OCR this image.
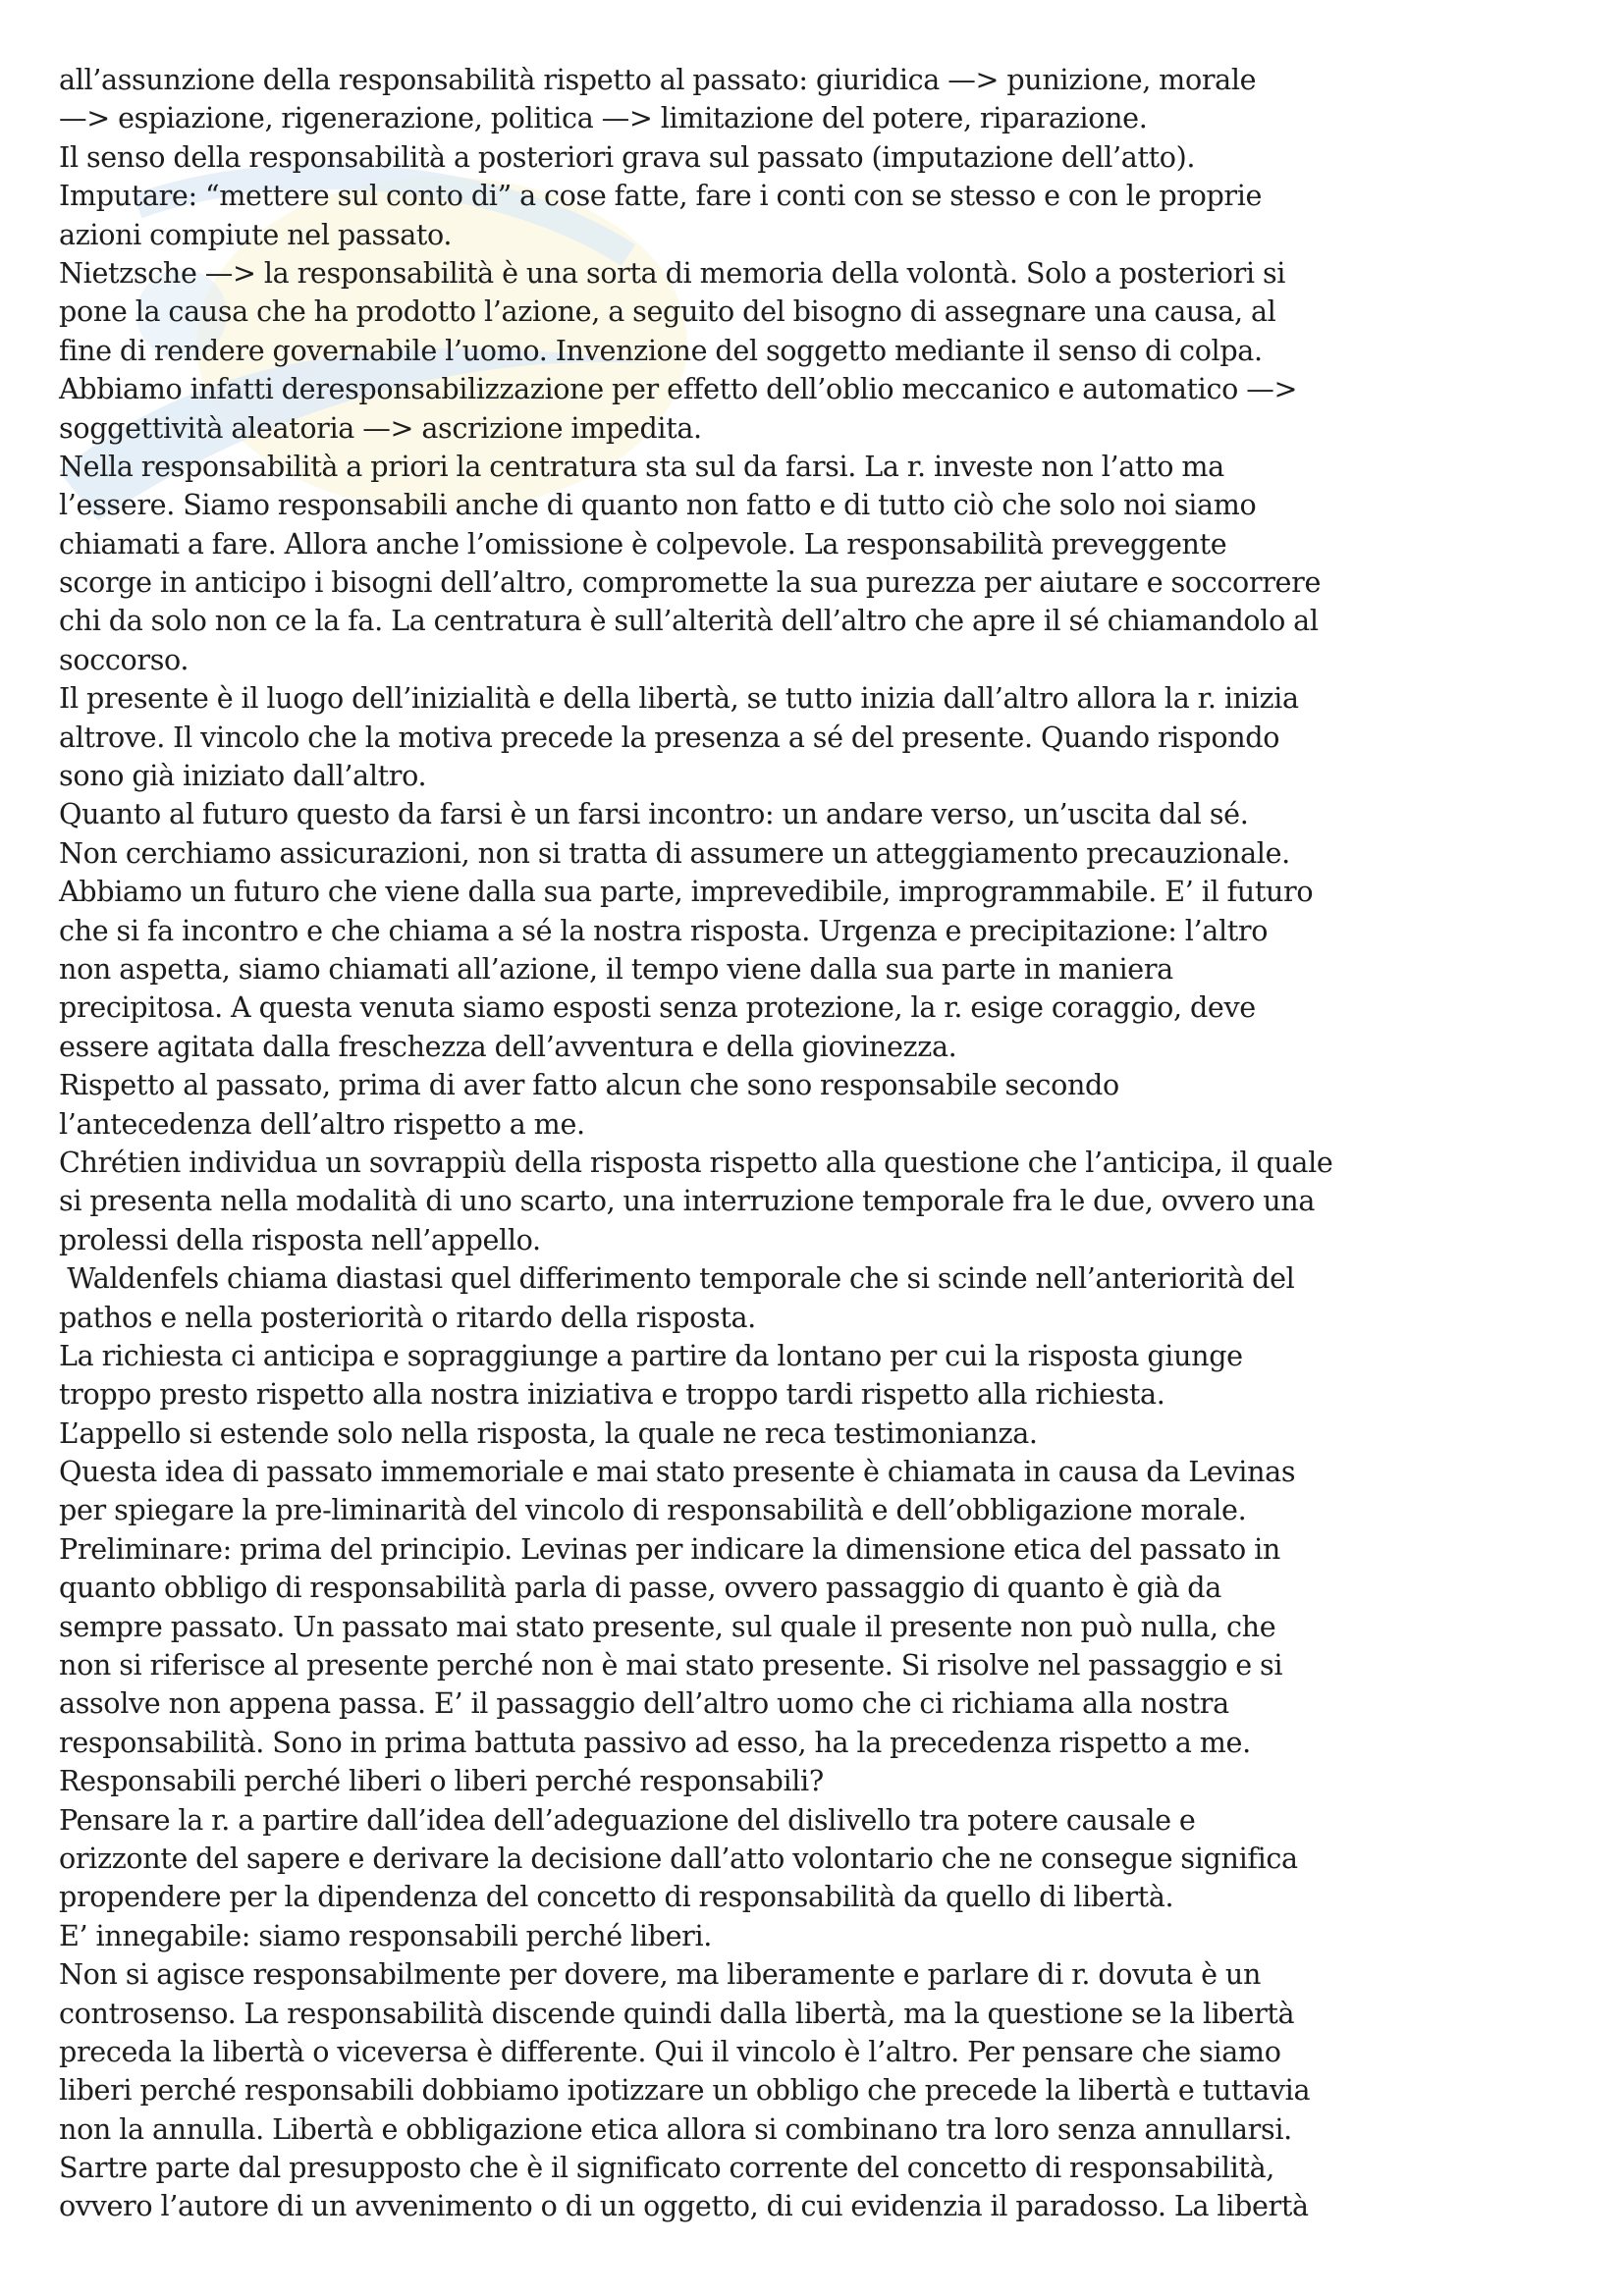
all’assunzione della responsabilità rispetto al passato: giuridica —> punizione, morale
—> espiazione, rigenerazione, politica —> limitazione del potere, riparazione.
Il senso della responsabilità a posteriori grava sul passato (imputazione dell’atto).
Imputare: “mettere sul conto di” a cose fatte, fare i conti con se stesso e con le proprie
azioni compiute nel passato.
Nietzsche —> la responsabilità è una sorta di memoria della volontà. Solo a posteriori si
pone la causa che ha prodotto l’azione, a seguito del bisogno di assegnare una causa, al
fine di rendere governabile l’uomo. Invenzione del soggetto mediante il senso di colpa.
Abbiamo infatti deresponsabilizzazione per effetto dell’oblio meccanico e automatico —>
soggettività aleatoria —> ascrizione impedita.
Nella responsabilità a priori la centratura sta sul da farsi. La r. investe non l’atto ma
l’essere. Siamo responsabili anche di quanto non fatto e di tutto ciò che solo noi siamo
chiamati a fare. Allora anche l’omissione è colpevole. La responsabilità preveggente
scorge in anticipo i bisogni dell’altro, compromette la sua purezza per aiutare e soccorrere
chi da solo non ce la fa. La centratura è sull’alterità dell’altro che apre il sé chiamandolo al
soccorso.
Il presente è il luogo dell’inizialità e della libertà, se tutto inizia dall’altro allora la r. inizia
altrove. Il vincolo che la motiva precede la presenza a sé del presente. Quando rispondo
sono già iniziato dall’altro.
Quanto al futuro questo da farsi è un farsi incontro: un andare verso, un’uscita dal sé.
Non cerchiamo assicurazioni, non si tratta di assumere un atteggiamento precauzionale.
Abbiamo un futuro che viene dalla sua parte, imprevedibile, improgrammabile. E’ il futuro
che si fa incontro e che chiama a sé la nostra risposta. Urgenza e precipitazione: l’altro
non aspetta, siamo chiamati all’azione, il tempo viene dalla sua parte in maniera
precipitosa. A questa venuta siamo esposti senza protezione, la r. esige coraggio, deve
essere agitata dalla freschezza dell’avventura e della giovinezza.
Rispetto al passato, prima di aver fatto alcun che sono responsabile secondo
l’antecedenza dell’altro rispetto a me.
Chrétien individua un sovrappiù della risposta rispetto alla questione che l’anticipa, il quale
si presenta nella modalità di uno scarto, una interruzione temporale fra le due, ovvero una
prolessi della risposta nell’appello.
Waldenfels chiama diastasi quel differimento temporale che si scinde nell’anteriorità del
pathos e nella posteriorità o ritardo della risposta.
La richiesta ci anticipa e sopraggiunge a partire da lontano per cui la risposta giunge
troppo presto rispetto alla nostra iniziativa e troppo tardi rispetto alla richiesta.
L’appello si estende solo nella risposta, la quale ne reca testimonianza.
Questa idea di passato immemoriale e mai stato presente è chiamata in causa da Levinas
per spiegare la pre-liminarità del vincolo di responsabilità e dell’obbligazione morale.
Preliminare: prima del principio. Levinas per indicare la dimensione etica del passato in
quanto obbligo di responsabilità parla di passe, ovvero passaggio di quanto è già da
sempre passato. Un passato mai stato presente, sul quale il presente non può nulla, che
non si riferisce al presente perché non è mai stato presente. Si risolve nel passaggio e si
assolve non appena passa. E’ il passaggio dell’altro uomo che ci richiama alla nostra
responsabilità. Sono in prima battuta passivo ad esso, ha la precedenza rispetto a me.
Responsabili perché liberi o liberi perché responsabili?
Pensare la r. a partire dall’idea dell’adeguazione del dislivello tra potere causale e
orizzonte del sapere e derivare la decisione dall’atto volontario che ne consegue significa
propendere per la dipendenza del concetto di responsabilità da quello di libertà.
E’ innegabile: siamo responsabili perché liberi.
Non si agisce responsabilmente per dovere, ma liberamente e parlare di r. dovuta è un
controsenso. La responsabilità discende quindi dalla libertà, ma la questione se la libertà
preceda la libertà o viceversa è differente. Qui il vincolo è l’altro. Per pensare che siamo
liberi perché responsabili dobbiamo ipotizzare un obbligo che precede la libertà e tuttavia
non la annulla. Libertà e obbligazione etica allora si combinano tra loro senza annullarsi.
Sartre parte dal presupposto che è il significato corrente del concetto di responsabilità,
ovvero l’autore di un avvenimento o di un oggetto, di cui evidenzia il paradosso. La libertà
